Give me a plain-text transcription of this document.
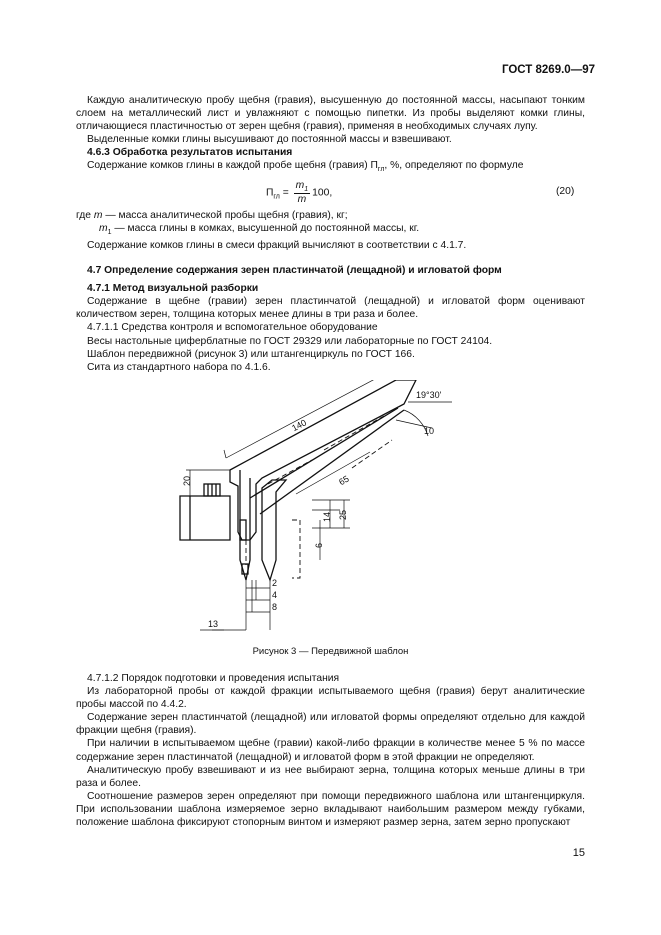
ГОСТ 8269.0—97

Каждую аналитическую пробу щебня (гравия), высушенную до постоянной массы, насыпают тонким слоем на металлический лист и увлажняют с помощью пипетки. Из пробы выделяют комки глины, отличающиеся пластичностью от зерен щебня (гравия), применяя в необходимых случаях лупу.

Выделенные комки глины высушивают до постоянной массы и взвешивают.

4.6.3 Обработка результатов испытания

Содержание комков глины в каждой пробе щебня (гравия) $П_{гл}$, %, определяют по формуле

$П_{гл} = \frac{m_1}{m} 100$,	(20)

где m — масса аналитической пробы щебня (гравия), кг;

$m_1$ — масса глины в комках, высушенной до постоянной массы, кг.

Содержание комков глины в смеси фракций вычисляют в соответствии с 4.1.7.

4.7 Определение содержания зерен пластинчатой (лещадной) и игловатой форм

4.7.1 Метод визуальной разборки

Содержание в щебне (гравии) зерен пластинчатой (лещадной) и игловатой форм оценивают количеством зерен, толщина которых менее длины в три раза и более.

4.7.1.1 Средства контроля и вспомогательное оборудование

Весы настольные циферблатные по ГОСТ 29329 или лабораторные по ГОСТ 24104.

Шаблон передвижной (рисунок 3) или штангенциркуль по ГОСТ 166.

Сита из стандартного набора по 4.1.6.

19°30'
140	10
65
20
14 25
6
2
4
8
13
Рисунок 3 — Передвижной шаблон

4.7.1.2 Порядок подготовки и проведения испытания

Из лабораторной пробы от каждой фракции испытываемого щебня (гравия) берут аналитические пробы массой по 4.4.2.

Содержание зерен пластинчатой (лещадной) или игловатой формы определяют отдельно для каждой фракции щебня (гравия).

При наличии в испытываемом щебне (гравии) какой-либо фракции в количестве менее 5 % по массе содержание зерен пластинчатой (лещадной) и игловатой форм в этой фракции не определяют.

Аналитическую пробу взвешивают и из нее выбирают зерна, толщина которых меньше длины в три раза и более.

Соотношение размеров зерен определяют при помощи передвижного шаблона или штангенциркуля. При использовании шаблона измеряемое зерно вкладывают наибольшим размером между губками, положение шаблона фиксируют стопорным винтом и измеряют размер зерна, затем зерно пропускают

15
